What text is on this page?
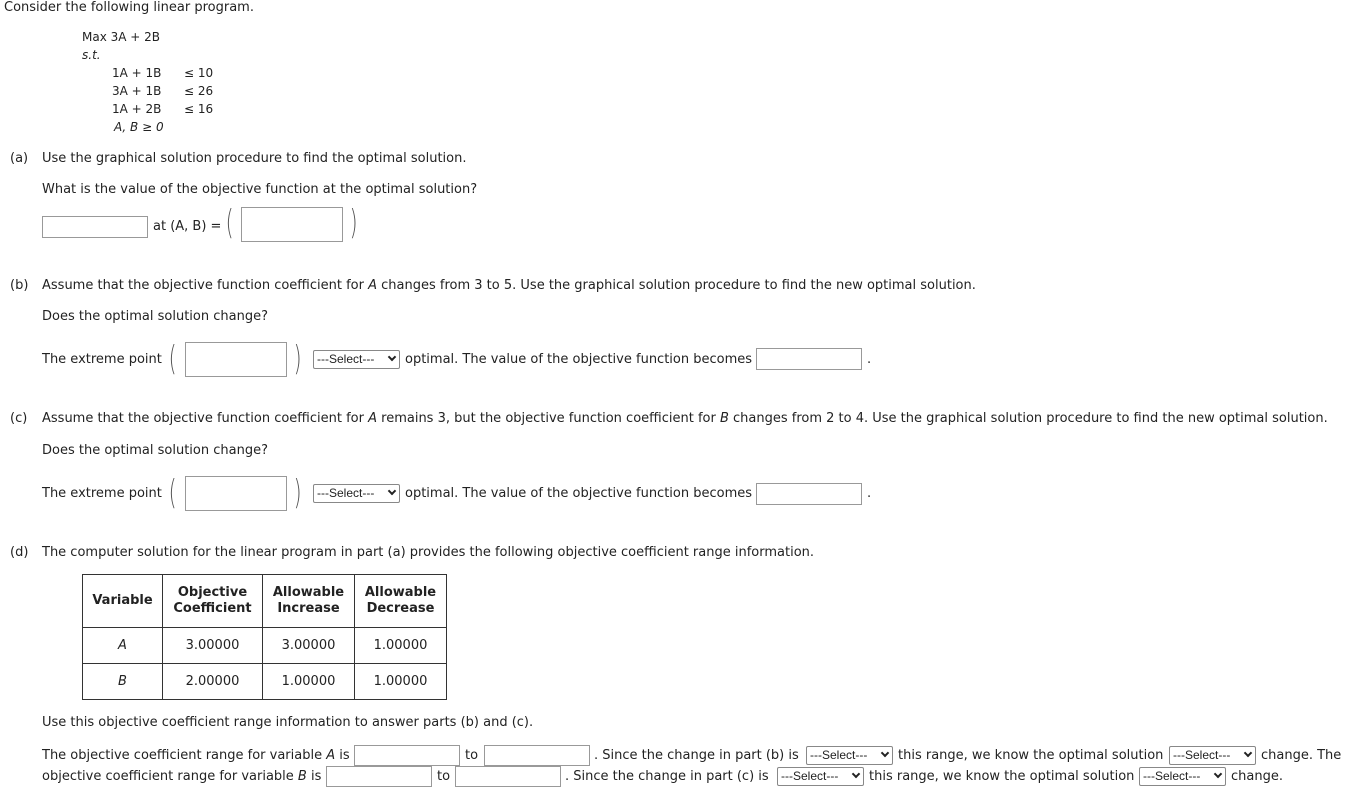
Consider the following linear program.
Max 3A + 2B
s.t.
1A + 1B ≤ 10
3A + 1B ≤ 26
1A + 2B ≤ 16
A, B ≥ 0
(a) Use the graphical solution procedure to find the optimal solution.
What is the value of the objective function at the optimal solution?
at (A, B) = (	)
(b) Assume that the objective function coefficient for A changes from 3 to 5. Use the graphical solution procedure to find the new optimal solution.
Does the optimal solution change?
The extreme point (	)	---Select---	optimal. The value of the objective function becomes	.
(c) Assume that the objective function coefficient for A remains 3, but the objective function coefficient for B changes from 2 to 4. Use the graphical solution procedure to find the new optimal solution.
Does the optimal solution change?
The extreme point (	)	---Select---	optimal. The value of the objective function becomes	.
(d) The computer solution for the linear program in part (a) provides the following objective coefficient range information.
Variable	Objective Coefficient	Allowable Increase	Allowable Decrease
A	3.00000	3.00000	1.00000
B	2.00000	1.00000	1.00000
Use this objective coefficient range information to answer parts (b) and (c).
The objective coefficient range for variable A is	to	. Since the change in part (b) is ---Select---	this range, we know the optimal solution ---Select---	change. The
objective coefficient range for variable B is	to	. Since the change in part (c) is	---Select---	this range, we know the optimal solution ---Select---	change.
